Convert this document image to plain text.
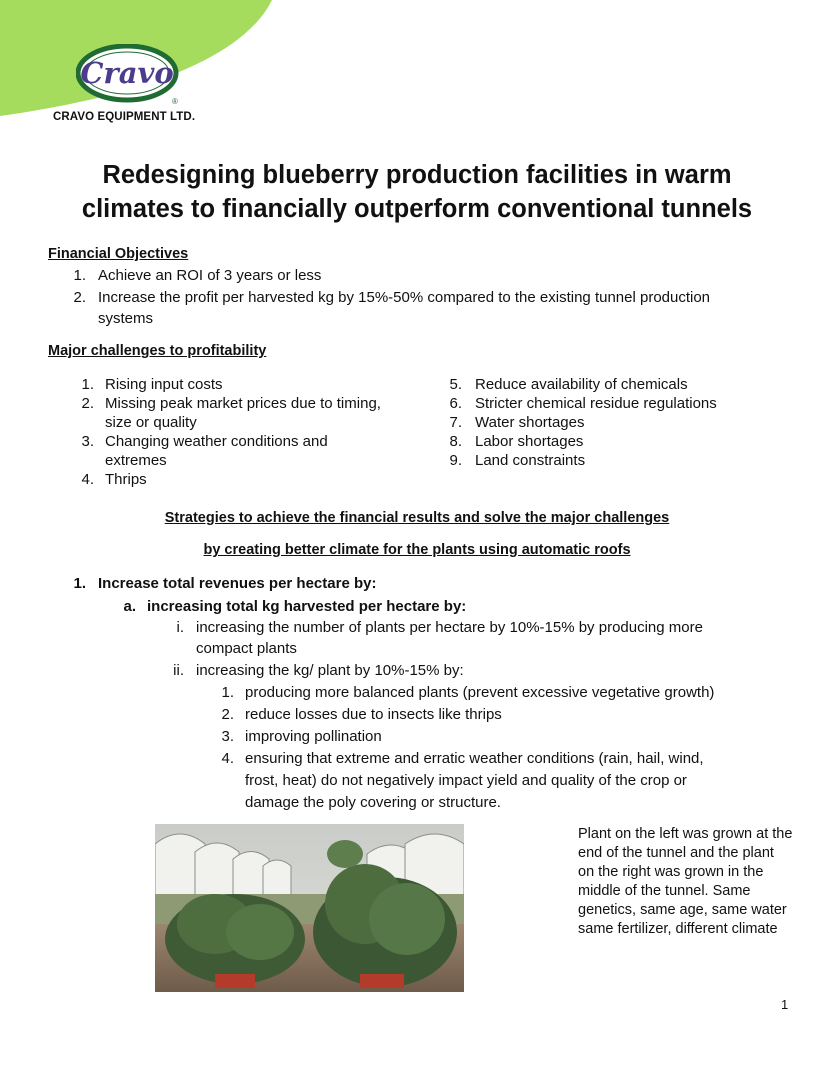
Cravo
®
CRAVO EQUIPMENT LTD.
Redesigning blueberry production facilities in warm
climates to financially outperform conventional tunnels
Financial Objectives
1. Achieve an ROI of 3 years or less
2. Increase the profit per harvested kg by 15%-50% compared to the existing tunnel production
systems
Major challenges to profitability
1. Rising input costs
2. Missing peak market prices due to timing,
size or quality
3. Changing weather conditions and
extremes
4. Thrips
5. Reduce availability of chemicals
6. Stricter chemical residue regulations
7. Water shortages
8. Labor shortages
9. Land constraints
Strategies to achieve the financial results and solve the major challenges
by creating better climate for the plants using automatic roofs
1. Increase total revenues per hectare by:
a. increasing total kg harvested per hectare by:
i. increasing the number of plants per hectare by 10%-15% by producing more
compact plants
ii. increasing the kg/ plant by 10%-15% by:
1. producing more balanced plants (prevent excessive vegetative growth)
2. reduce losses due to insects like thrips
3. improving pollination
4. ensuring that extreme and erratic weather conditions (rain, hail, wind,
frost, heat) do not negatively impact yield and quality of the crop or
damage the poly covering or structure.
Plant on the left was grown at the end of the tunnel and the plant on the right was grown in the middle of the tunnel. Same genetics, same age, same water same fertilizer, different climate
1
